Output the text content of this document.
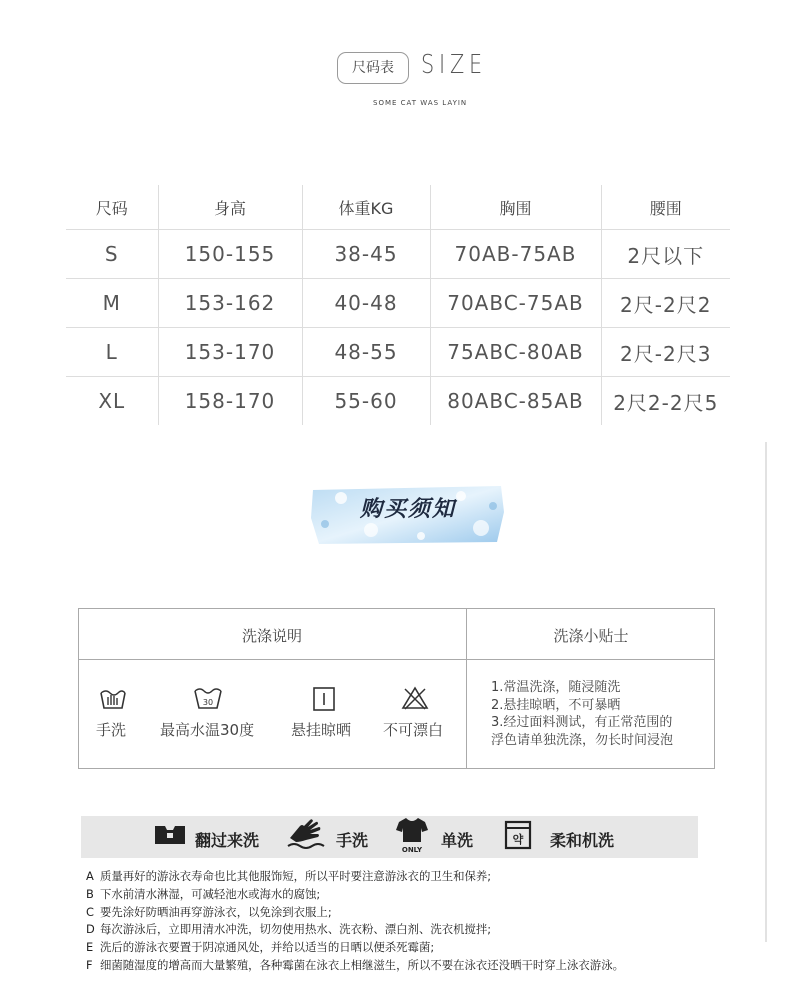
尺码表	SIZE
SOME CAT WAS LAYIN
尺码	身高	体重KG	胸围	腰围
S	150-155	38-45	70AB-75AB	2尺以下
M	153-162	40-48	70ABC-75AB	2尺-2尺2
L	153-170	48-55	75ABC-80AB	2尺-2尺3
XL	158-170	55-60	80ABC-85AB	2尺2-2尺5
购买须知
洗涤说明	洗涤小贴士
30
手洗 最高水温30度 悬挂晾晒 不可漂白
1.常温洗涤，随浸随洗
2.悬挂晾晒，不可暴晒
3.经过面料测试，有正常范围的
浮色请单独洗涤，勿长时间浸泡
翻过来洗	手洗	ONLY 单洗	약 柔和机洗
A 质量再好的游泳衣寿命也比其他服饰短，所以平时要注意游泳衣的卫生和保养;
B 下水前清水淋湿，可减轻池水或海水的腐蚀;
C 要先涂好防晒油再穿游泳衣，以免涂到衣服上;
D 每次游泳后，立即用清水冲洗，切勿使用热水、洗衣粉、漂白剂、洗衣机搅拌;
E 洗后的游泳衣要置于阴凉通风处，并给以适当的日晒以便杀死霉菌;
F 细菌随湿度的增高而大量繁殖，各种霉菌在泳衣上相继滋生，所以不要在泳衣还没晒干时穿上泳衣游泳。
